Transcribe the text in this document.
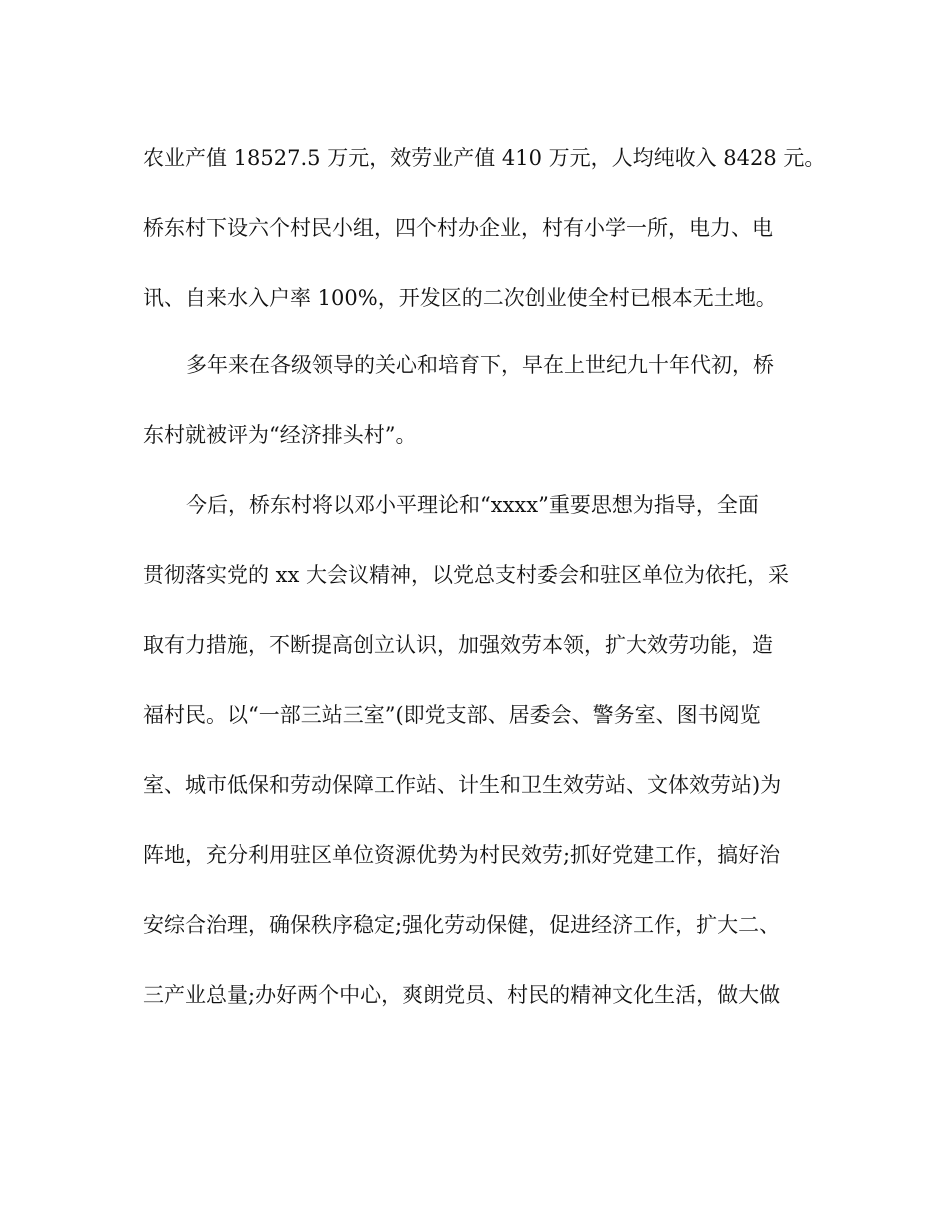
农业产值 18527.5 万元，效劳业产值 410 万元，人均纯收入 8428 元。

桥东村下设六个村民小组，四个村办企业，村有小学一所，电力、电

讯、自来水入户率 100%，开发区的二次创业使全村已根本无土地。

多年来在各级领导的关心和培育下，早在上世纪九十年代初，桥

东村就被评为“经济排头村”。

今后，桥东村将以邓小平理论和“xxxx”重要思想为指导，全面

贯彻落实党的 xx 大会议精神，以党总支村委会和驻区单位为依托，采

取有力措施，不断提高创立认识，加强效劳本领，扩大效劳功能，造

福村民。以“一部三站三室”(即党支部、居委会、警务室、图书阅览

室、城市低保和劳动保障工作站、计生和卫生效劳站、文体效劳站)为

阵地，充分利用驻区单位资源优势为村民效劳;抓好党建工作，搞好治

安综合治理，确保秩序稳定;强化劳动保健，促进经济工作，扩大二、

三产业总量;办好两个中心，爽朗党员、村民的精神文化生活，做大做
